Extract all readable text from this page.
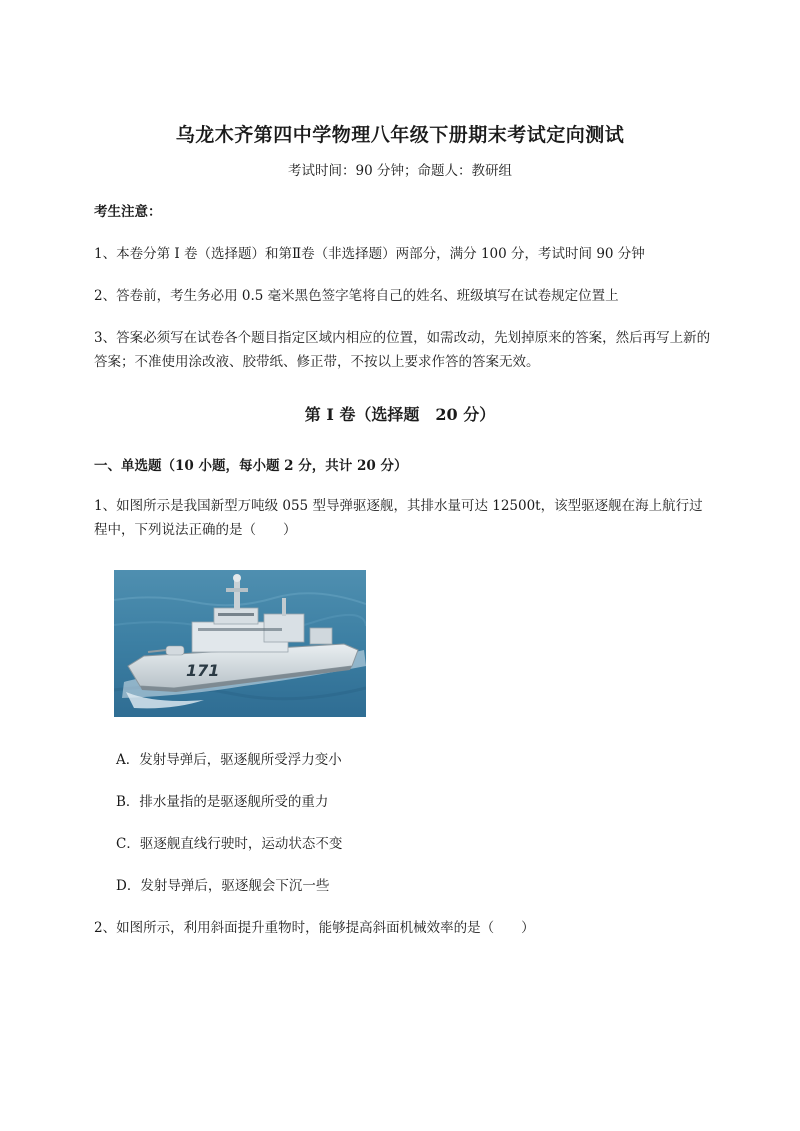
乌龙木齐第四中学物理八年级下册期末考试定向测试
考试时间：90 分钟；命题人：教研组
考生注意：
1、本卷分第 I 卷（选择题）和第Ⅱ卷（非选择题）两部分，满分 100 分，考试时间 90 分钟
2、答卷前，考生务必用 0.5 毫米黑色签字笔将自己的姓名、班级填写在试卷规定位置上
3、答案必须写在试卷各个题目指定区域内相应的位置，如需改动，先划掉原来的答案，然后再写上新的答案；不准使用涂改液、胶带纸、修正带，不按以上要求作答的答案无效。
第 I 卷（选择题　20 分）
一、单选题（10 小题，每小题 2 分，共计 20 分）
1、如图所示是我国新型万吨级 055 型导弹驱逐舰，其排水量可达 12500t，该型驱逐舰在海上航行过程中，下列说法正确的是（　　）
171
A．发射导弹后，驱逐舰所受浮力变小
B．排水量指的是驱逐舰所受的重力
C．驱逐舰直线行驶时，运动状态不变
D．发射导弹后，驱逐舰会下沉一些
2、如图所示，利用斜面提升重物时，能够提高斜面机械效率的是（　　）
